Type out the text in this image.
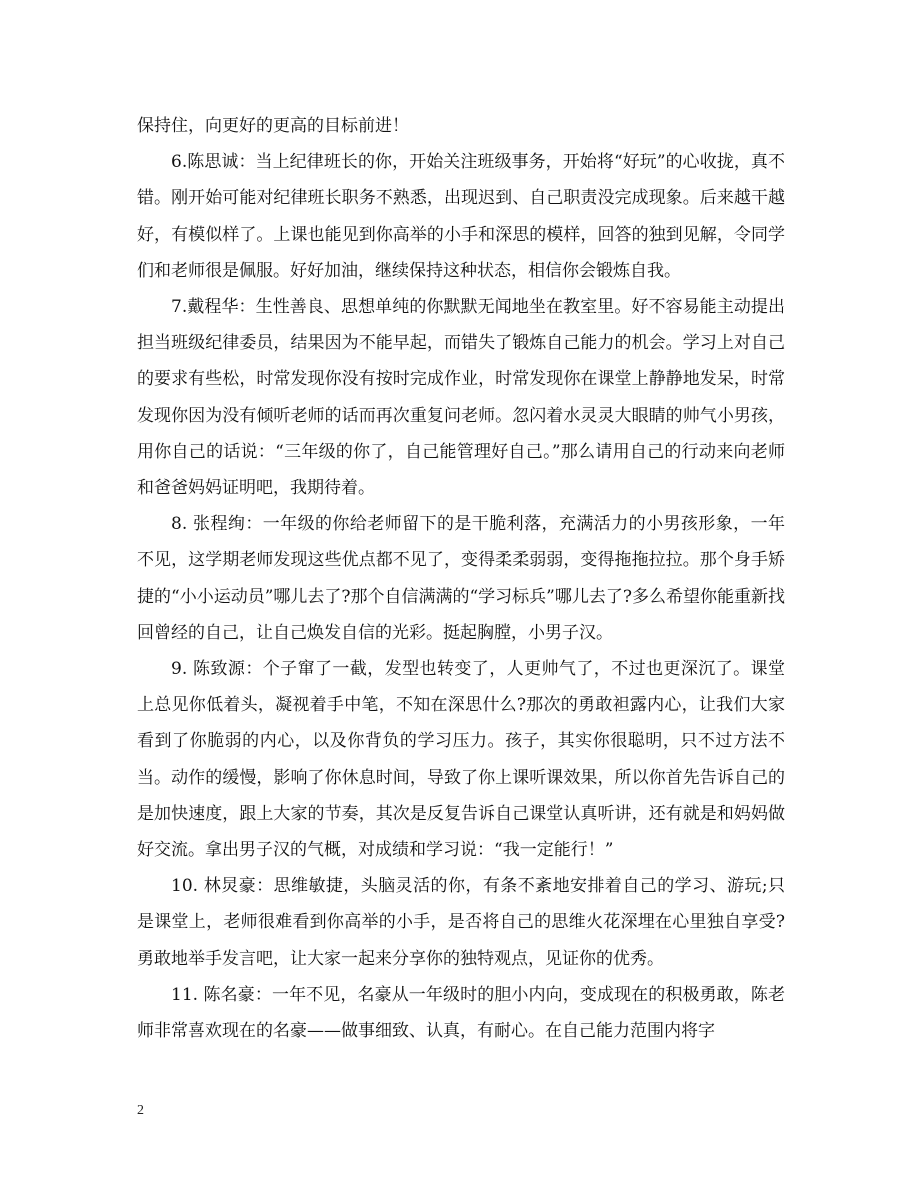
保持住，向更好的更高的目标前进！

6.陈思诚：当上纪律班长的你，开始关注班级事务，开始将“好玩”的心收拢，真不错。刚开始可能对纪律班长职务不熟悉，出现迟到、自己职责没完成现象。后来越干越好，有模似样了。上课也能见到你高举的小手和深思的模样，回答的独到见解，令同学们和老师很是佩服。好好加油，继续保持这种状态，相信你会锻炼自我。

7.戴程华：生性善良、思想单纯的你默默无闻地坐在教室里。好不容易能主动提出担当班级纪律委员，结果因为不能早起，而错失了锻炼自己能力的机会。学习上对自己的要求有些松，时常发现你没有按时完成作业，时常发现你在课堂上静静地发呆，时常发现你因为没有倾听老师的话而再次重复问老师。忽闪着水灵灵大眼睛的帅气小男孩，用你自己的话说：“三年级的你了，自己能管理好自己。”那么请用自己的行动来向老师和爸爸妈妈证明吧，我期待着。

8. 张程绚：一年级的你给老师留下的是干脆利落，充满活力的小男孩形象，一年不见，这学期老师发现这些优点都不见了，变得柔柔弱弱，变得拖拖拉拉。那个身手矫捷的“小小运动员”哪儿去了?那个自信满满的“学习标兵”哪儿去了?多么希望你能重新找回曾经的自己，让自己焕发自信的光彩。挺起胸膛，小男子汉。

9. 陈致源：个子窜了一截，发型也转变了，人更帅气了，不过也更深沉了。课堂上总见你低着头，凝视着手中笔，不知在深思什么?那次的勇敢袒露内心，让我们大家看到了你脆弱的内心，以及你背负的学习压力。孩子，其实你很聪明，只不过方法不当。动作的缓慢，影响了你休息时间，导致了你上课听课效果，所以你首先告诉自己的是加快速度，跟上大家的节奏，其次是反复告诉自己课堂认真听讲，还有就是和妈妈做好交流。拿出男子汉的气概，对成绩和学习说：“我一定能行！”

10. 林炅豪：思维敏捷，头脑灵活的你，有条不紊地安排着自己的学习、游玩;只是课堂上，老师很难看到你高举的小手，是否将自己的思维火花深埋在心里独自享受?勇敢地举手发言吧，让大家一起来分享你的独特观点，见证你的优秀。

11. 陈名豪：一年不见，名豪从一年级时的胆小内向，变成现在的积极勇敢，陈老师非常喜欢现在的名豪——做事细致、认真，有耐心。在自己能力范围内将字

2
